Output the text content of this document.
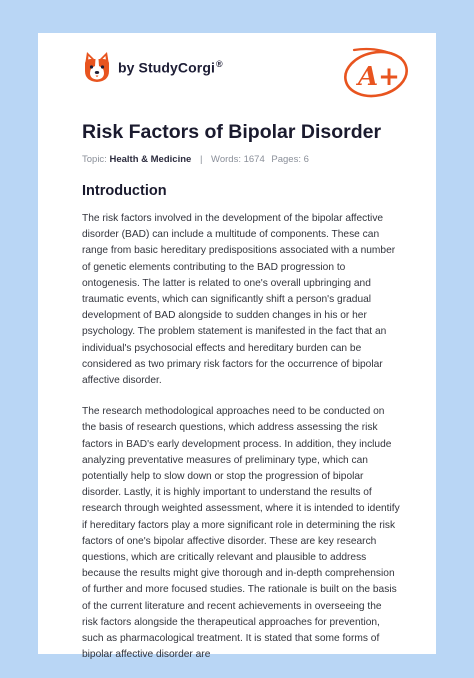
by StudyCorgi®	A+
Risk Factors of Bipolar Disorder
Topic: Health & Medicine | Words: 1674 Pages: 6
Introduction

The risk factors involved in the development of the bipolar affective disorder (BAD) can include a multitude of components. These can range from basic hereditary predispositions associated with a number of genetic elements contributing to the BAD progression to ontogenesis. The latter is related to one's overall upbringing and traumatic events, which can significantly shift a person's gradual development of BAD alongside to sudden changes in his or her psychology. The problem statement is manifested in the fact that an individual's psychosocial effects and hereditary burden can be considered as two primary risk factors for the occurrence of bipolar affective disorder.

The research methodological approaches need to be conducted on the basis of research questions, which address assessing the risk factors in BAD's early development process. In addition, they include analyzing preventative measures of preliminary type, which can potentially help to slow down or stop the progression of bipolar disorder. Lastly, it is highly important to understand the results of research through weighted assessment, where it is intended to identify if hereditary factors play a more significant role in determining the risk factors of one's bipolar affective disorder. These are key research questions, which are critically relevant and plausible to address because the results might give thorough and in-depth comprehension of further and more focused studies. The rationale is built on the basis of the current literature and recent achievements in overseeing the risk factors alongside the therapeutical approaches for prevention, such as pharmacological treatment. It is stated that some forms of bipolar affective disorder are
